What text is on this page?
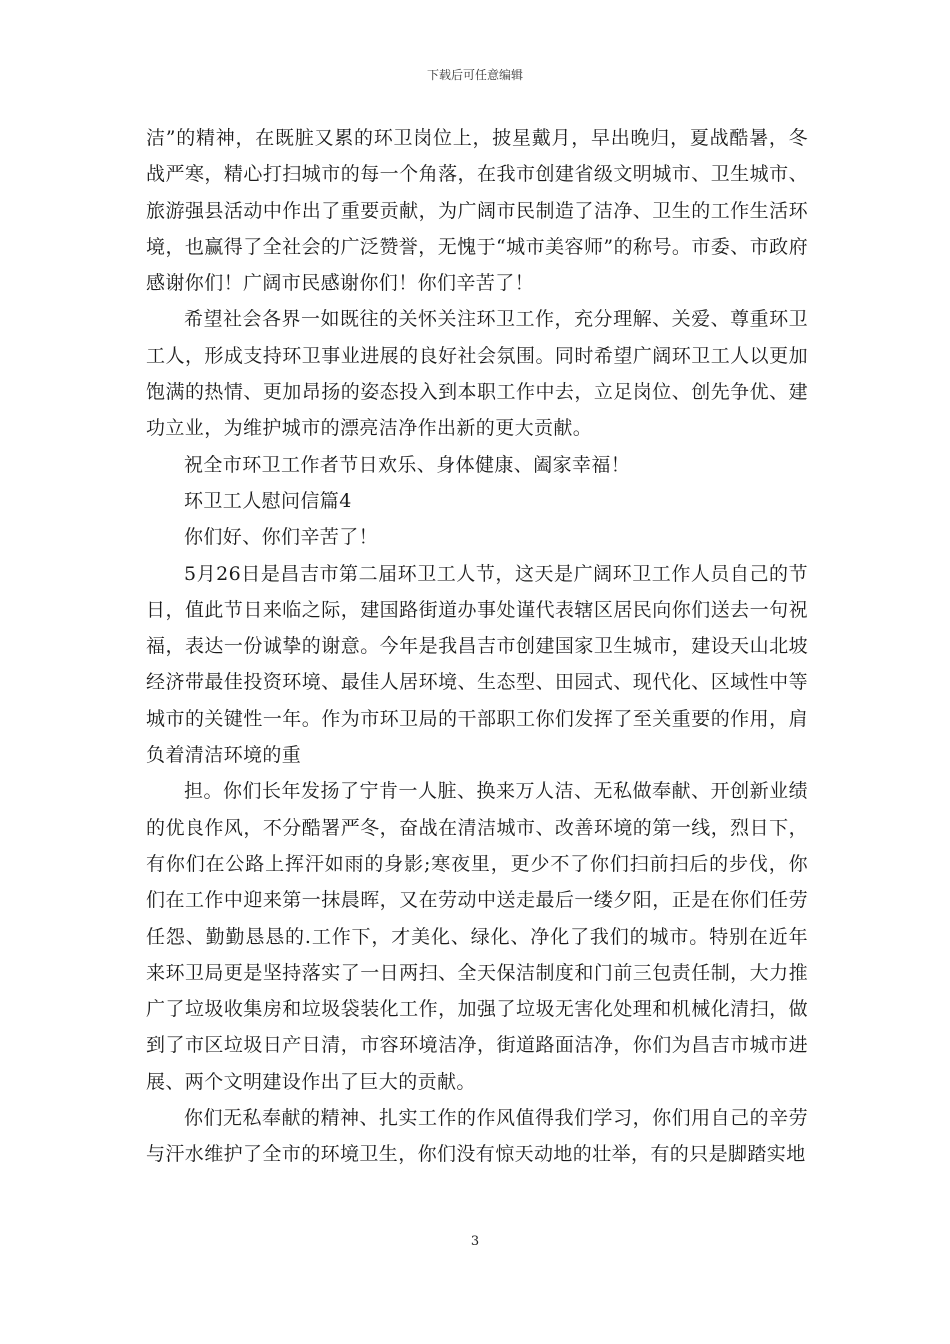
下载后可任意编辑

洁”的精神，在既脏又累的环卫岗位上，披星戴月，早出晚归，夏战酷暑，冬战严寒，精心打扫城市的每一个角落，在我市创建省级文明城市、卫生城市、旅游强县活动中作出了重要贡献，为广阔市民制造了洁净、卫生的工作生活环境，也赢得了全社会的广泛赞誉，无愧于“城市美容师”的称号。市委、市政府感谢你们！广阔市民感谢你们！你们辛苦了！

希望社会各界一如既往的关怀关注环卫工作，充分理解、关爱、尊重环卫工人，形成支持环卫事业进展的良好社会氛围。同时希望广阔环卫工人以更加饱满的热情、更加昂扬的姿态投入到本职工作中去，立足岗位、创先争优、建功立业，为维护城市的漂亮洁净作出新的更大贡献。

祝全市环卫工作者节日欢乐、身体健康、阖家幸福！

环卫工人慰问信篇4

你们好、你们辛苦了！

5月26日是昌吉市第二届环卫工人节，这天是广阔环卫工作人员自己的节日，值此节日来临之际，建国路街道办事处谨代表辖区居民向你们送去一句祝福，表达一份诚挚的谢意。今年是我昌吉市创建国家卫生城市，建设天山北坡经济带最佳投资环境、最佳人居环境、生态型、田园式、现代化、区域性中等城市的关键性一年。作为市环卫局的干部职工你们发挥了至关重要的作用，肩负着清洁环境的重

担。你们长年发扬了宁肯一人脏、换来万人洁、无私做奉献、开创新业绩的优良作风，不分酷署严冬，奋战在清洁城市、改善环境的第一线，烈日下，有你们在公路上挥汗如雨的身影;寒夜里，更少不了你们扫前扫后的步伐，你们在工作中迎来第一抹晨晖，又在劳动中送走最后一缕夕阳，正是在你们任劳任怨、勤勤恳恳的.工作下，才美化、绿化、净化了我们的城市。特别在近年来环卫局更是坚持落实了一日两扫、全天保洁制度和门前三包责任制，大力推广了垃圾收集房和垃圾袋装化工作，加强了垃圾无害化处理和机械化清扫，做到了市区垃圾日产日清，市容环境洁净，街道路面洁净，你们为昌吉市城市进展、两个文明建设作出了巨大的贡献。

你们无私奉献的精神、扎实工作的作风值得我们学习，你们用自己的辛劳与汗水维护了全市的环境卫生，你们没有惊天动地的壮举，有的只是脚踏实地

3
